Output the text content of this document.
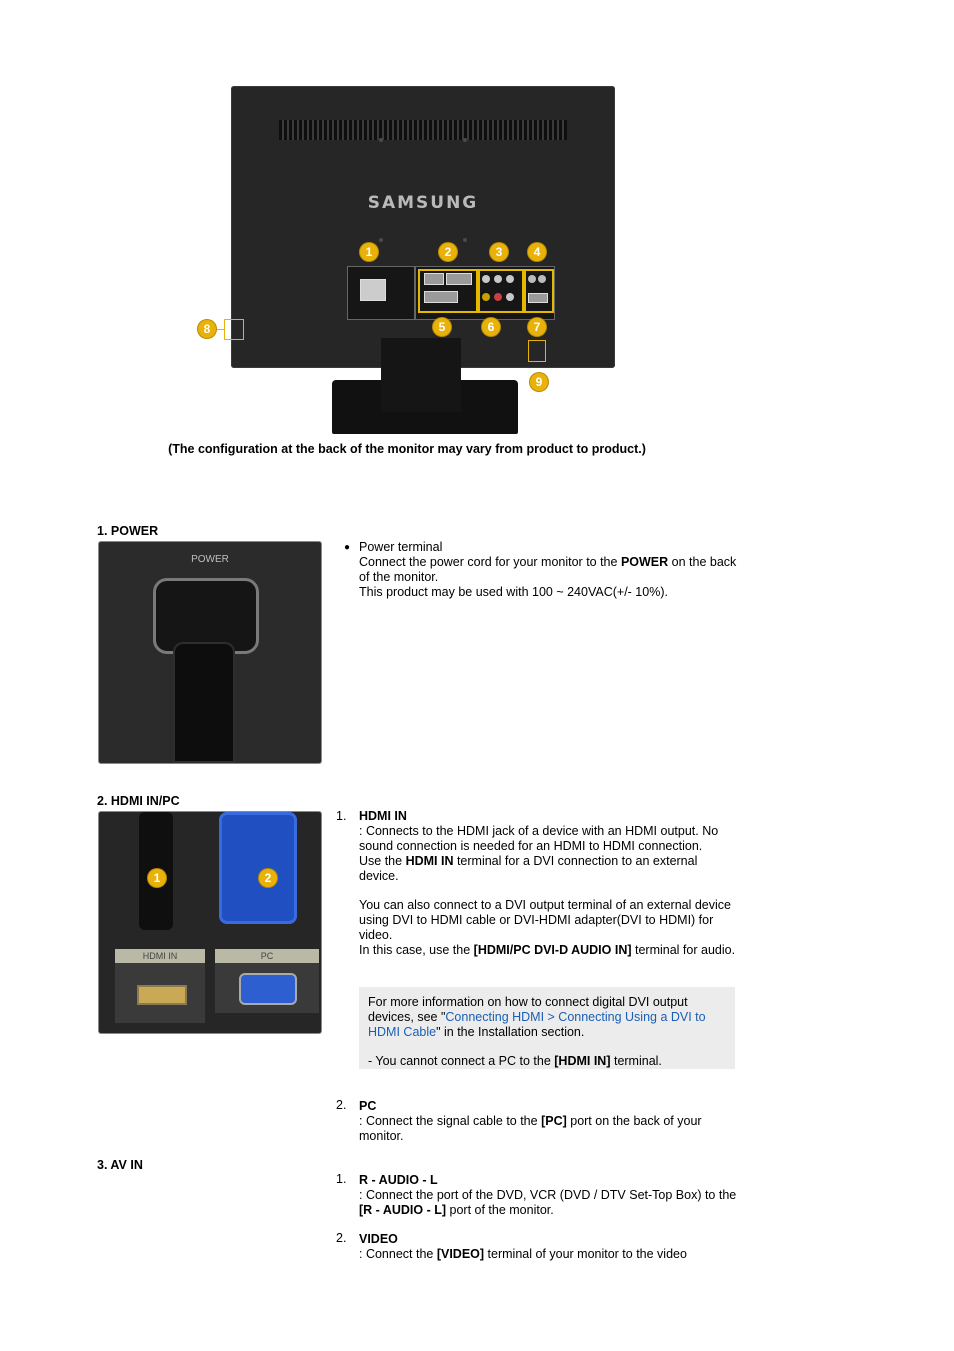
SAMSUNG
1	2	3	4
5	6	7
8
9
(The configuration at the back of the monitor may vary from product to product.)
1. POWER
POWER
● Power terminal
Connect the power cord for your monitor to the POWER on the back of the monitor.
This product may be used with 100 ~ 240VAC(+/- 10%).
2. HDMI IN/PC
1	2
HDMI IN	PC
1. HDMI IN
: Connects to the HDMI jack of a device with an HDMI output. No sound connection is needed for an HDMI to HDMI connection.
Use the HDMI IN terminal for a DVI connection to an external device.
You can also connect to a DVI output terminal of an external device using DVI to HDMI cable or DVI-HDMI adapter(DVI to HDMI) for video.
In this case, use the [HDMI/PC DVI-D AUDIO IN] terminal for audio.
For more information on how to connect digital DVI output devices, see "Connecting HDMI > Connecting Using a DVI to HDMI Cable" in the Installation section.
- You cannot connect a PC to the [HDMI IN] terminal.
2. PC
: Connect the signal cable to the [PC] port on the back of your monitor.
3. AV IN
1. R - AUDIO - L
: Connect the port of the DVD, VCR (DVD / DTV Set-Top Box) to the [R - AUDIO - L] port of the monitor.
2. VIDEO
: Connect the [VIDEO] terminal of your monitor to the video
